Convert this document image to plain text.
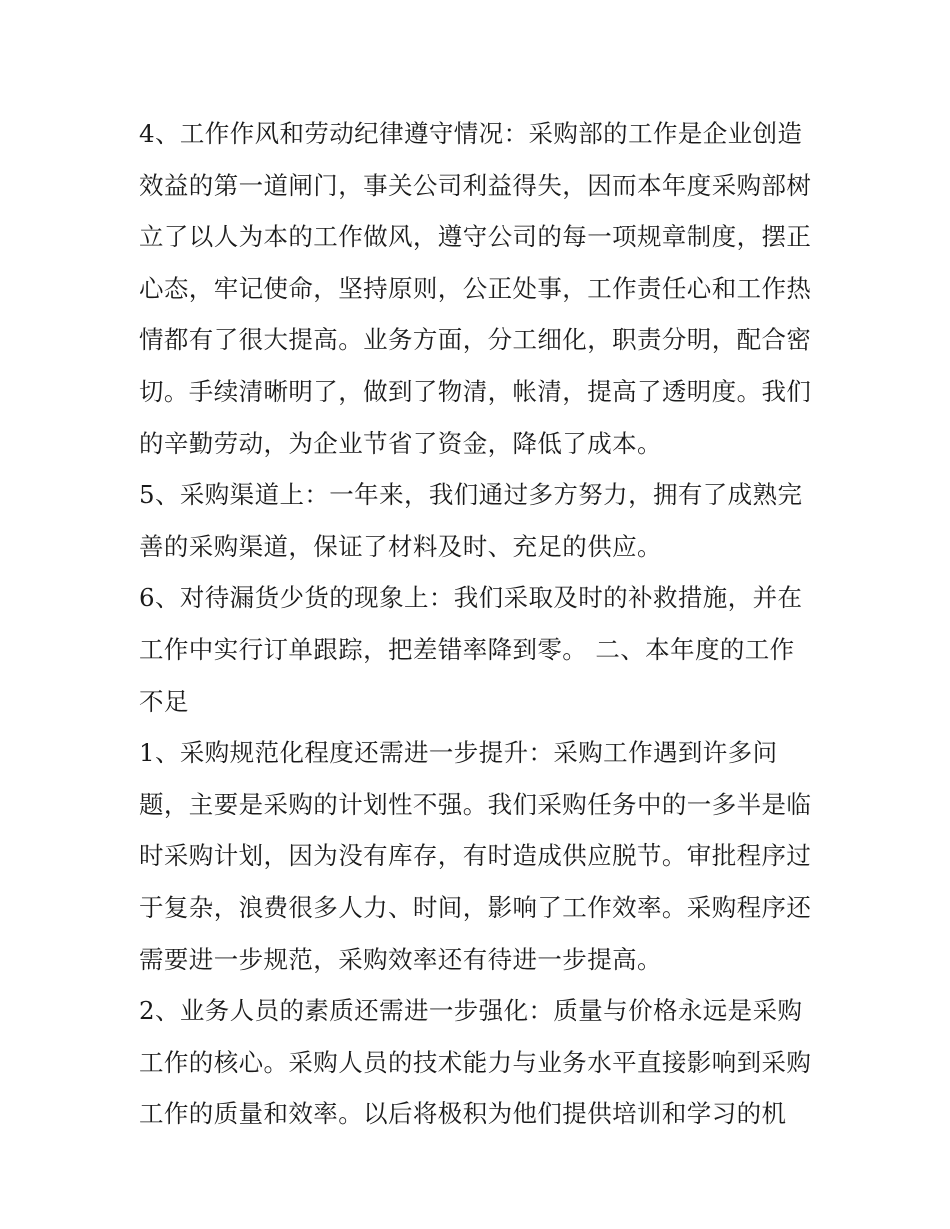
4、工作作风和劳动纪律遵守情况：采购部的工作是企业创造
效益的第一道闸门，事关公司利益得失，因而本年度采购部树
立了以人为本的工作做风，遵守公司的每一项规章制度，摆正
心态，牢记使命，坚持原则，公正处事，工作责任心和工作热
情都有了很大提高。业务方面，分工细化，职责分明，配合密
切。手续清晰明了，做到了物清，帐清，提高了透明度。我们
的辛勤劳动，为企业节省了资金，降低了成本。
5、采购渠道上：一年来，我们通过多方努力，拥有了成熟完
善的采购渠道，保证了材料及时、充足的供应。
6、对待漏货少货的现象上：我们采取及时的补救措施，并在
工作中实行订单跟踪，把差错率降到零。 二、本年度的工作
不足
1、采购规范化程度还需进一步提升：采购工作遇到许多问
题，主要是采购的计划性不强。我们采购任务中的一多半是临
时采购计划，因为没有库存，有时造成供应脱节。审批程序过
于复杂，浪费很多人力、时间，影响了工作效率。采购程序还
需要进一步规范，采购效率还有待进一步提高。
2、业务人员的素质还需进一步强化：质量与价格永远是采购
工作的核心。采购人员的技术能力与业务水平直接影响到采购
工作的质量和效率。以后将极积为他们提供培训和学习的机
